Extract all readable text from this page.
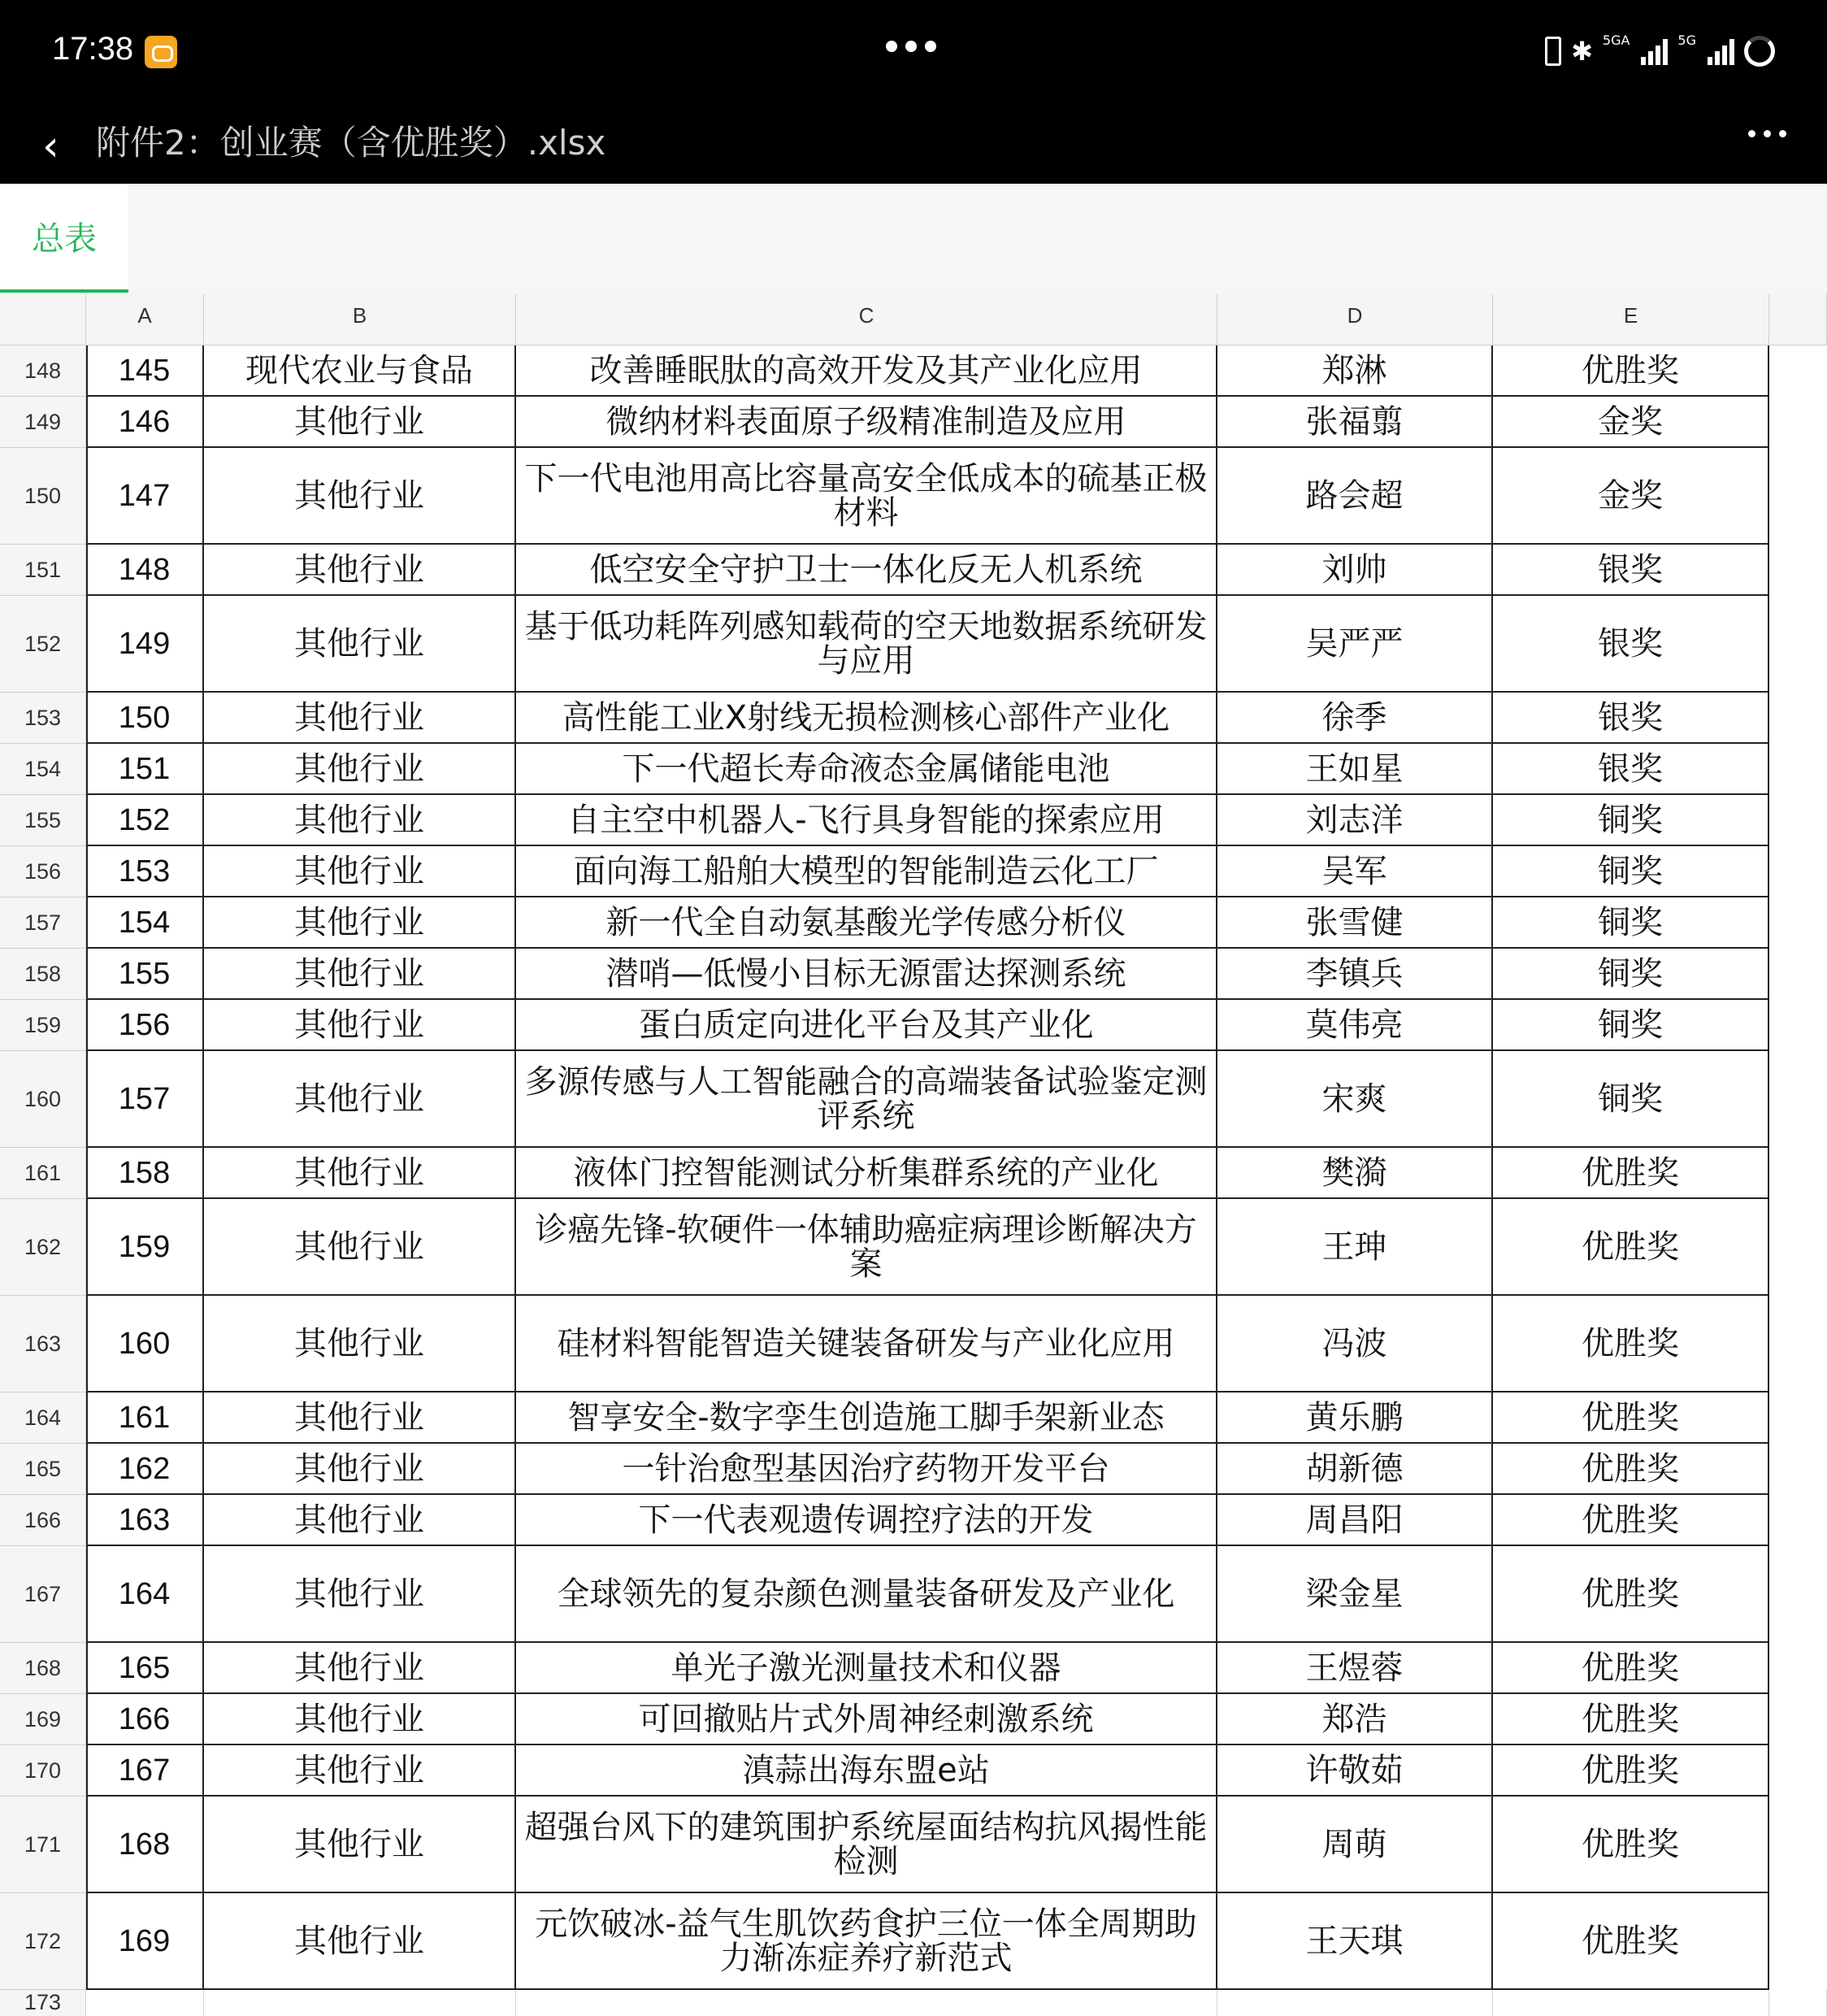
17:38	✱ 5GA	5G
‹ 附件2：创业赛（含优胜奖）.xlsx
总表
A	B	C	D	E
148	145	现代农业与食品	改善睡眠肽的高效开发及其产业化应用	郑淋	优胜奖
149	146	其他行业	微纳材料表面原子级精准制造及应用	张福翦	金奖
150	147	其他行业	下一代电池用高比容量高安全低成本的硫基正极材料	路会超	金奖
151	148	其他行业	低空安全守护卫士一体化反无人机系统	刘帅	银奖
152	149	其他行业	基于低功耗阵列感知载荷的空天地数据系统研发与应用	吴严严	银奖
153	150	其他行业	高性能工业X射线无损检测核心部件产业化	徐季	银奖
154	151	其他行业	下一代超长寿命液态金属储能电池	王如星	银奖
155	152	其他行业	自主空中机器人-飞行具身智能的探索应用	刘志洋	铜奖
156	153	其他行业	面向海工船舶大模型的智能制造云化工厂	吴军	铜奖
157	154	其他行业	新一代全自动氨基酸光学传感分析仪	张雪健	铜奖
158	155	其他行业	潜哨—低慢小目标无源雷达探测系统	李镇兵	铜奖
159	156	其他行业	蛋白质定向进化平台及其产业化	莫伟亮	铜奖
160	157	其他行业	多源传感与人工智能融合的高端装备试验鉴定测评系统	宋爽	铜奖
161	158	其他行业	液体门控智能测试分析集群系统的产业化	樊漪	优胜奖
162	159	其他行业	诊癌先锋-软硬件一体辅助癌症病理诊断解决方案	王珅	优胜奖
163	160	其他行业	硅材料智能智造关键装备研发与产业化应用	冯波	优胜奖
164	161	其他行业	智享安全-数字孪生创造施工脚手架新业态	黄乐鹏	优胜奖
165	162	其他行业	一针治愈型基因治疗药物开发平台	胡新德	优胜奖
166	163	其他行业	下一代表观遗传调控疗法的开发	周昌阳	优胜奖
167	164	其他行业	全球领先的复杂颜色测量装备研发及产业化	梁金星	优胜奖
168	165	其他行业	单光子激光测量技术和仪器	王煜蓉	优胜奖
169	166	其他行业	可回撤贴片式外周神经刺激系统	郑浩	优胜奖
170	167	其他行业	滇蒜出海东盟e站	许敬茹	优胜奖
171	168	其他行业	超强台风下的建筑围护系统屋面结构抗风揭性能检测	周萌	优胜奖
172	169	其他行业	元饮破冰-益气生肌饮药食护三位一体全周期助力渐冻症养疗新范式	王天琪	优胜奖
173
